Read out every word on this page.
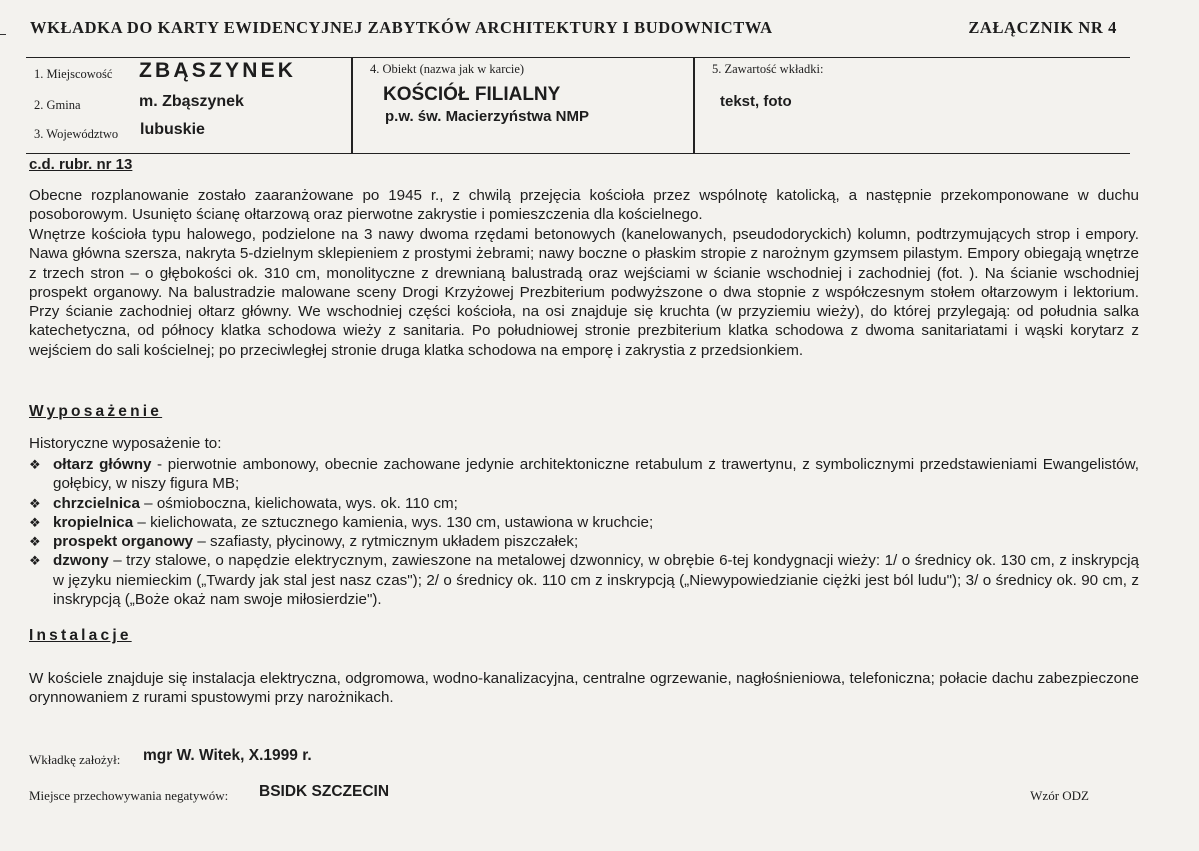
WKŁADKA DO KARTY EWIDENCYJNEJ ZABYTKÓW ARCHITEKTURY I BUDOWNICTWA	ZAŁĄCZNIK NR 4
1. Miejscowość ZBĄSZYNEK
2. Gmina	m. Zbąszynek
3. Województwo lubuskie
4. Obiekt (nazwa jak w karcie)
KOŚCIÓŁ FILIALNY
p.w. św. Macierzyństwa NMP
5. Zawartość wkładki:
tekst, foto
c.d. rubr. nr 13
Obecne rozplanowanie zostało zaaranżowane po 1945 r., z chwilą przejęcia kościoła przez wspólnotę katolicką, a następnie przekomponowane w duchu posoborowym. Usunięto ścianę ołtarzową oraz pierwotne zakrystie i pomieszczenia dla kościelnego.
Wnętrze kościoła typu halowego, podzielone na 3 nawy dwoma rzędami betonowych (kanelowanych, pseudodoryckich) kolumn, podtrzymujących strop i empory. Nawa główna szersza, nakryta 5-dzielnym sklepieniem z prostymi żebrami; nawy boczne o płaskim stropie z narożnym gzymsem pilastym. Empory obiegają wnętrze z trzech stron – o głębokości ok. 310 cm, monolityczne z drewnianą balustradą oraz wejściami w ścianie wschodniej i zachodniej (fot. ). Na ścianie wschodniej prospekt organowy. Na balustradzie malowane sceny Drogi Krzyżowej Prezbiterium podwyższone o dwa stopnie z współczesnym stołem ołtarzowym i lektorium. Przy ścianie zachodniej ołtarz główny. We wschodniej części kościoła, na osi znajduje się kruchta (w przyziemiu wieży), do której przylegają: od południa salka katechetyczna, od północy klatka schodowa wieży z sanitaria. Po południowej stronie prezbiterium klatka schodowa z dwoma sanitariatami i wąski korytarz z wejściem do sali kościelnej; po przeciwległej stronie druga klatka schodowa na emporę i zakrystia z przedsionkiem.
Wyposażenie
Historyczne wyposażenie to:
❖ ołtarz główny - pierwotnie ambonowy, obecnie zachowane jedynie architektoniczne retabulum z trawertynu, z symbolicznymi przedstawieniami Ewangelistów, gołębicy, w niszy figura MB;
❖ chrzcielnica – ośmioboczna, kielichowata, wys. ok. 110 cm;
❖ kropielnica – kielichowata, ze sztucznego kamienia, wys. 130 cm, ustawiona w kruchcie;
❖ prospekt organowy – szafiasty, płycinowy, z rytmicznym układem piszczałek;
❖ dzwony – trzy stalowe, o napędzie elektrycznym, zawieszone na metalowej dzwonnicy, w obrębie 6-tej kondygnacji wieży: 1/ o średnicy ok. 130 cm, z inskrypcją w języku niemieckim („Twardy jak stal jest nasz czas"); 2/ o średnicy ok. 110 cm z inskrypcją („Niewypowiedzianie ciężki jest ból ludu"); 3/ o średnicy ok. 90 cm, z inskrypcją („Boże okaż nam swoje miłosierdzie").
Instalacje
W kościele znajduje się instalacja elektryczna, odgromowa, wodno-kanalizacyjna, centralne ogrzewanie, nagłośnieniowa, telefoniczna; połacie dachu zabezpieczone orynnowaniem z rurami spustowymi przy narożnikach.
Wkładkę założył: mgr W. Witek, X.1999 r.
Miejsce przechowywania negatywów: BSIDK SZCZECIN	Wzór ODZ
